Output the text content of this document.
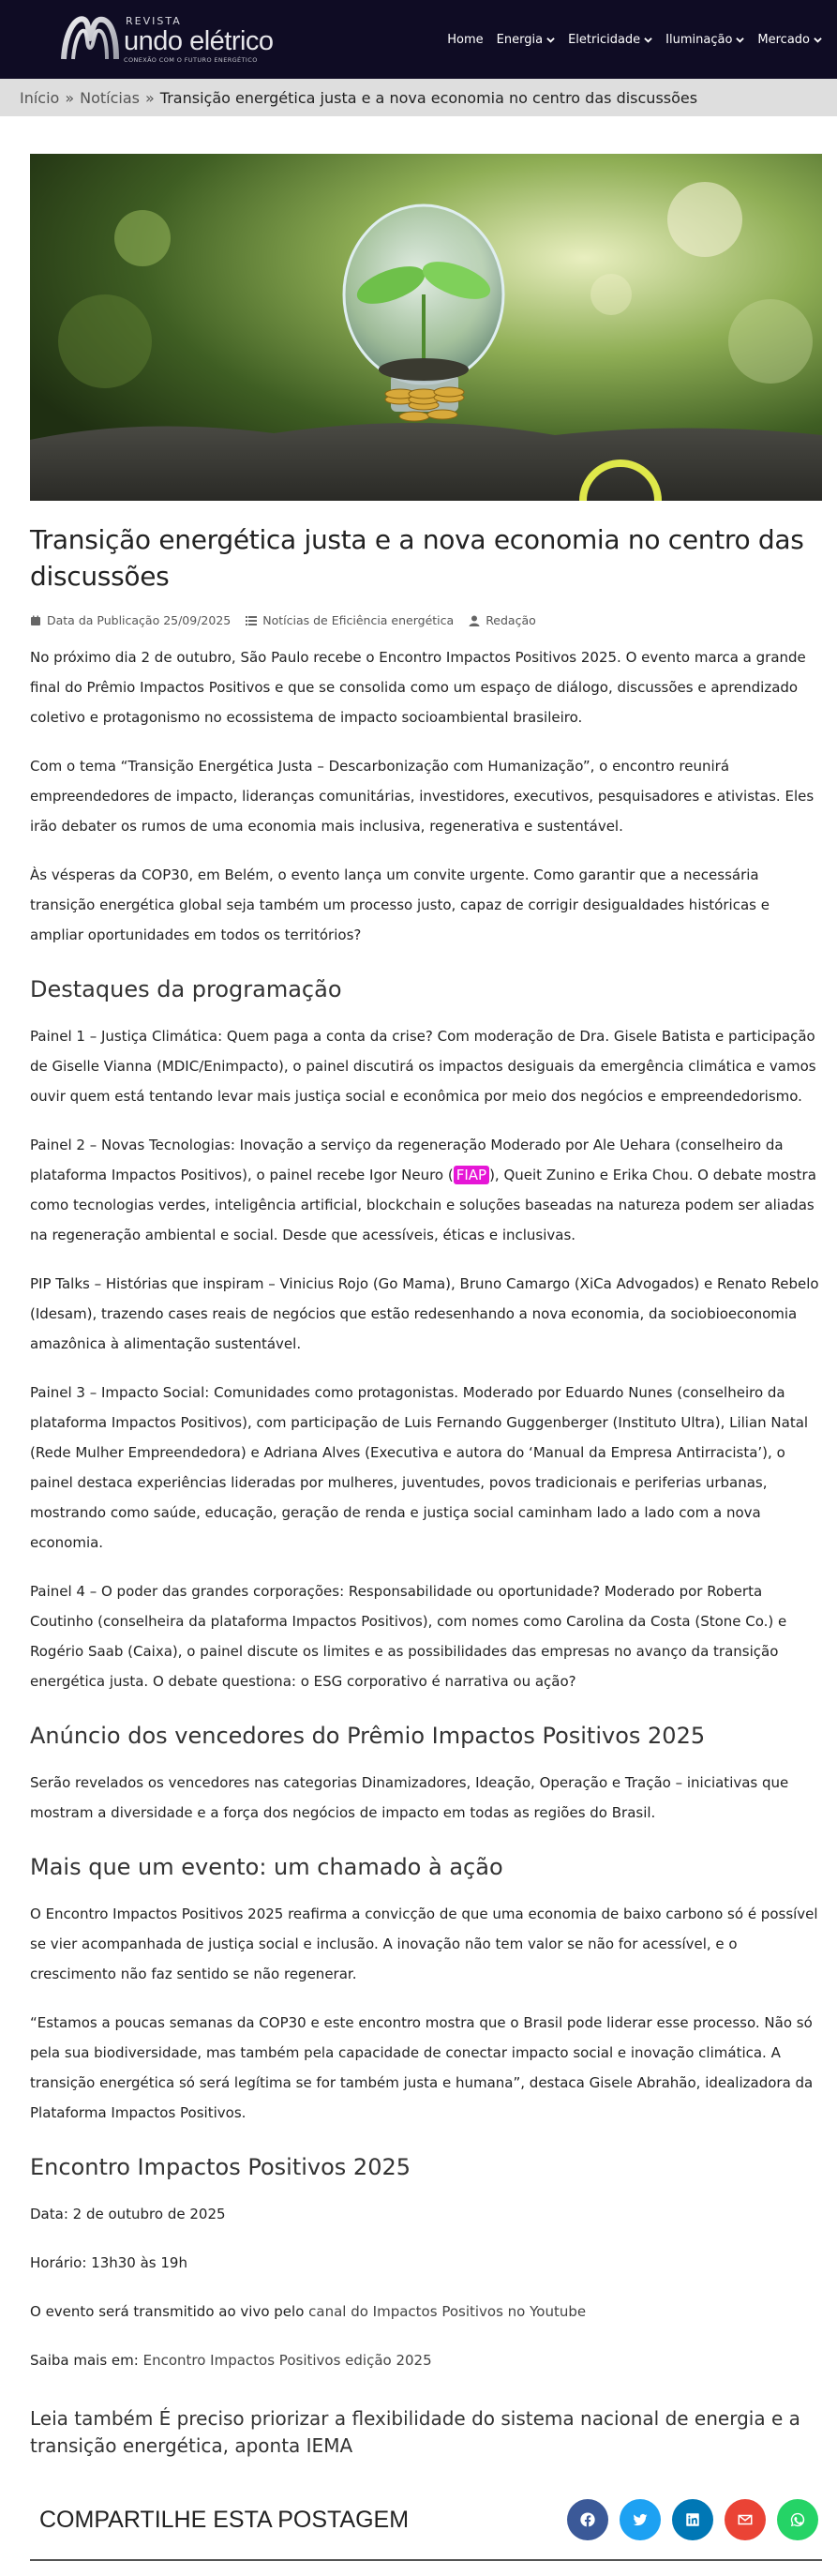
REVISTA
undo elétrico
CONEXÃO COM O FUTURO ENERGÉTICO
Home Energia Eletricidade Iluminação Mercado
Início » Notícias » Transição energética justa e a nova economia no centro das discussões
Transição energética justa e a nova economia no centro das discussões
Data da Publicação 25/09/2025	Notícias de Eficiência energética	Redação

No próximo dia 2 de outubro, São Paulo recebe o Encontro Impactos Positivos 2025. O evento marca a grande final do Prêmio Impactos Positivos e que se consolida como um espaço de diálogo, discussões e aprendizado coletivo e protagonismo no ecossistema de impacto socioambiental brasileiro.

Com o tema “Transição Energética Justa – Descarbonização com Humanização”, o encontro reunirá empreendedores de impacto, lideranças comunitárias, investidores, executivos, pesquisadores e ativistas. Eles irão debater os rumos de uma economia mais inclusiva, regenerativa e sustentável.

Às vésperas da COP30, em Belém, o evento lança um convite urgente. Como garantir que a necessária transição energética global seja também um processo justo, capaz de corrigir desigualdades históricas e ampliar oportunidades em todos os territórios?

Destaques da programação

Painel 1 – Justiça Climática: Quem paga a conta da crise? Com moderação de Dra. Gisele Batista e participação de Giselle Vianna (MDIC/Enimpacto), o painel discutirá os impactos desiguais da emergência climática e vamos ouvir quem está tentando levar mais justiça social e econômica por meio dos negócios e empreendedorismo.

Painel 2 – Novas Tecnologias: Inovação a serviço da regeneração Moderado por Ale Uehara (conselheiro da plataforma Impactos Positivos), o painel recebe Igor Neuro ( FIAP ), Queit Zunino e Erika Chou. O debate mostra como tecnologias verdes, inteligência artificial, blockchain e soluções baseadas na natureza podem ser aliadas na regeneração ambiental e social. Desde que acessíveis, éticas e inclusivas.

PIP Talks – Histórias que inspiram – Vinicius Rojo (Go Mama), Bruno Camargo (XiCa Advogados) e Renato Rebelo (Idesam), trazendo cases reais de negócios que estão redesenhando a nova economia, da sociobioeconomia amazônica à alimentação sustentável.

Painel 3 – Impacto Social: Comunidades como protagonistas. Moderado por Eduardo Nunes (conselheiro da plataforma Impactos Positivos), com participação de Luis Fernando Guggenberger (Instituto Ultra), Lilian Natal (Rede Mulher Empreendedora) e Adriana Alves (Executiva e autora do ‘Manual da Empresa Antirracista’), o painel destaca experiências lideradas por mulheres, juventudes, povos tradicionais e periferias urbanas, mostrando como saúde, educação, geração de renda e justiça social caminham lado a lado com a nova economia.

Painel 4 – O poder das grandes corporações: Responsabilidade ou oportunidade? Moderado por Roberta Coutinho (conselheira da plataforma Impactos Positivos), com nomes como Carolina da Costa (Stone Co.) e Rogério Saab (Caixa), o painel discute os limites e as possibilidades das empresas no avanço da transição energética justa. O debate questiona: o ESG corporativo é narrativa ou ação?

Anúncio dos vencedores do Prêmio Impactos Positivos 2025

Serão revelados os vencedores nas categorias Dinamizadores, Ideação, Operação e Tração – iniciativas que mostram a diversidade e a força dos negócios de impacto em todas as regiões do Brasil.

Mais que um evento: um chamado à ação

O Encontro Impactos Positivos 2025 reafirma a convicção de que uma economia de baixo carbono só é possível se vier acompanhada de justiça social e inclusão. A inovação não tem valor se não for acessível, e o crescimento não faz sentido se não regenerar.

“Estamos a poucas semanas da COP30 e este encontro mostra que o Brasil pode liderar esse processo. Não só pela sua biodiversidade, mas também pela capacidade de conectar impacto social e inovação climática. A transição energética só será legítima se for também justa e humana”, destaca Gisele Abrahão, idealizadora da Plataforma Impactos Positivos.

Encontro Impactos Positivos 2025

Data: 2 de outubro de 2025

Horário: 13h30 às 19h

O evento será transmitido ao vivo pelo canal do Impactos Positivos no Youtube

Saiba mais em: Encontro Impactos Positivos edição 2025

Leia também É preciso priorizar a flexibilidade do sistema nacional de energia e a transição energética, aponta IEMA
COMPARTILHE ESTA POSTAGEM
